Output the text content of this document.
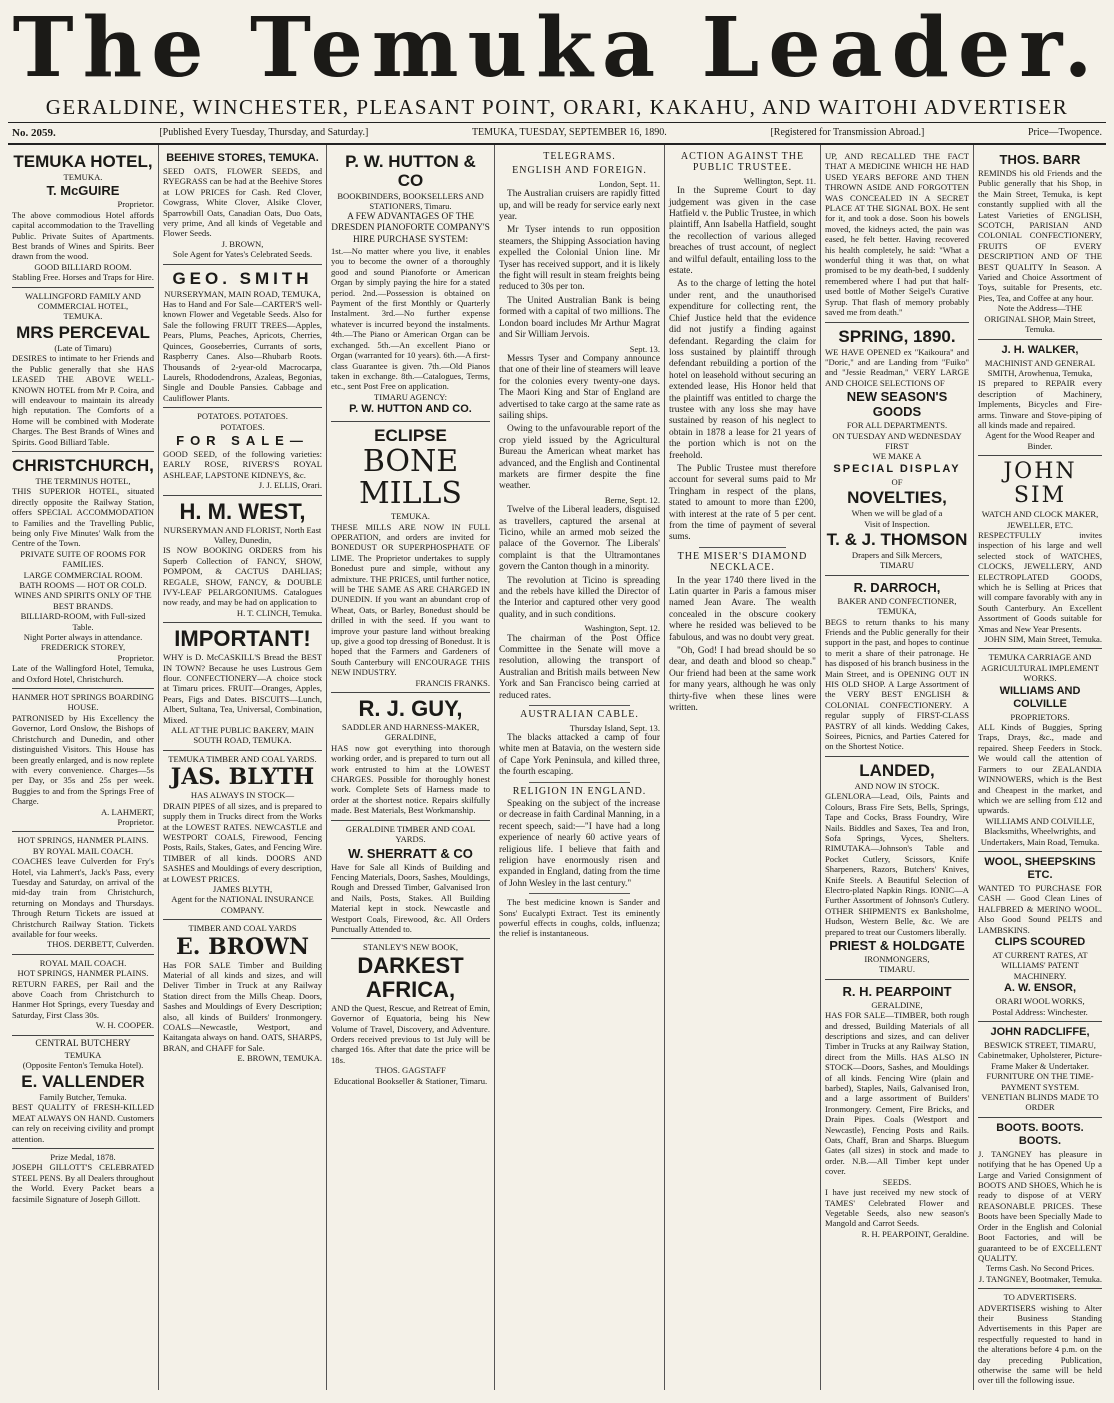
The Temuka Leader.
GERALDINE, WINCHESTER, PLEASANT POINT, ORARI, KAKAHU, AND WAITOHI ADVERTISER
No. 2059.	[Published Every Tuesday, Thursday, and Saturday.]	TEMUKA, TUESDAY, SEPTEMBER 16, 1890.	[Registered for Transmission Abroad.]	Price—Twopence.
TEMUKA HOTEL,
TEMUKA.
T. McGUIRE
Proprietor.
The above commodious Hotel affords capital accommodation to the Travelling Public. Private Suites of Apartments. Best brands of Wines and Spirits. Beer drawn from the wood.
GOOD BILLIARD ROOM.
Stabling Free. Horses and Traps for Hire.
WALLINGFORD FAMILY AND COMMERCIAL HOTEL,
TEMUKA.
MRS PERCEVAL
(Late of Timaru)
DESIRES to intimate to her Friends and the Public generally that she HAS LEASED THE ABOVE WELL-KNOWN HOTEL from Mr P. Coira, and will endeavour to maintain its already high reputation. The Comforts of a Home will be combined with Moderate Charges. The Best Brands of Wines and Spirits. Good Billiard Table.
CHRISTCHURCH,
THE TERMINUS HOTEL,
THIS SUPERIOR HOTEL, situated directly opposite the Railway Station, offers SPECIAL ACCOMMODATION to Families and the Travelling Public, being only Five Minutes' Walk from the Centre of the Town.
PRIVATE SUITE OF ROOMS FOR FAMILIES.
LARGE COMMERCIAL ROOM.
BATH ROOMS — HOT OR COLD.
WINES AND SPIRITS ONLY OF THE BEST BRANDS.
BILLIARD-ROOM, with Full-sized Table.
Night Porter always in attendance.
FREDERICK STOREY,
Proprietor.
Late of the Wallingford Hotel, Temuka, and Oxford Hotel, Christchurch.
HANMER HOT SPRINGS BOARDING HOUSE.
PATRONISED by His Excellency the Governor, Lord Onslow, the Bishops of Christchurch and Dunedin, and other distinguished Visitors. This House has been greatly enlarged, and is now replete with every convenience. Charges—5s per Day, or 35s and 25s per week. Buggies to and from the Springs Free of Charge.
A. LAHMERT,
Proprietor.
HOT SPRINGS, HANMER PLAINS. BY ROYAL MAIL COACH.
COACHES leave Culverden for Fry's Hotel, via Lahmert's, Jack's Pass, every Tuesday and Saturday, on arrival of the mid-day train from Christchurch, returning on Mondays and Thursdays. Through Return Tickets are issued at Christchurch Railway Station. Tickets available for four weeks.
THOS. DERBETT, Culverden.
ROYAL MAIL COACH.
HOT SPRINGS, HANMER PLAINS.
RETURN FARES, per Rail and the above Coach from Christchurch to Hanmer Hot Springs, every Tuesday and Saturday, First Class 30s.
W. H. COOPER.
CENTRAL BUTCHERY
TEMUKA
(Opposite Fenton's Temuka Hotel).
E. VALLENDER
Family Butcher, Temuka.
BEST QUALITY of FRESH-KILLED MEAT ALWAYS ON HAND. Customers can rely on receiving civility and prompt attention.
Prize Medal, 1878.
JOSEPH GILLOTT'S CELEBRATED STEEL PENS. By all Dealers throughout the World. Every Packet bears a facsimile Signature of Joseph Gillott.
BEEHIVE STORES, TEMUKA.
SEED OATS, FLOWER SEEDS, and RYEGRASS can be had at the Beehive Stores at LOW PRICES for Cash. Red Clover, Cowgrass, White Clover, Alsike Clover, Sparrowbill Oats, Canadian Oats, Duo Oats, very prime, And all kinds of Vegetable and Flower Seeds.
J. BROWN,
Sole Agent for Yates's Celebrated Seeds.
GEO. SMITH
NURSERYMAN, MAIN ROAD, TEMUKA,
Has to Hand and For Sale—CARTER'S well-known Flower and Vegetable Seeds. Also for Sale the following FRUIT TREES—Apples, Pears, Plums, Peaches, Apricots, Cherries, Quinces, Gooseberries, Currants of sorts, Raspberry Canes. Also—Rhubarb Roots. Thousands of 2-year-old Macrocarpa, Laurels, Rhododendrons, Azaleas, Begonias, Single and Double Pansies. Cabbage and Cauliflower Plants.
POTATOES. POTATOES.
POTATOES.
FOR SALE—
GOOD SEED, of the following varieties: EARLY ROSE, RIVERS'S ROYAL ASHLEAF, LAPSTONE KIDNEYS, &c.
J. J. ELLIS, Orari.
H. M. WEST,
NURSERYMAN AND FLORIST, North East Valley, Dunedin,
IS NOW BOOKING ORDERS from his Superb Collection of FANCY, SHOW, POMPOM, & CACTUS DAHLIAS; REGALE, SHOW, FANCY, & DOUBLE IVY-LEAF PELARGONIUMS. Catalogues now ready, and may be had on application to
H. T. CLINCH, Temuka.
IMPORTANT!
WHY is D. McCASKILL'S Bread the BEST IN TOWN? Because he uses Lustrous Gem flour. CONFECTIONERY—A choice stock at Timaru prices. FRUIT—Oranges, Apples, Pears, Figs and Dates. BISCUITS—Lunch, Albert, Sultana, Tea, Universal, Combination, Mixed.
ALL AT THE PUBLIC BAKERY, MAIN SOUTH ROAD, TEMUKA.
TEMUKA TIMBER AND COAL YARDS.
JAS. BLYTH
HAS ALWAYS IN STOCK—
DRAIN PIPES of all sizes, and is prepared to supply them in Trucks direct from the Works at the LOWEST RATES. NEWCASTLE and WESTPORT COALS, Firewood, Fencing Posts, Rails, Stakes, Gates, and Fencing Wire. TIMBER of all kinds. DOORS AND SASHES and Mouldings of every description, at LOWEST PRICES.
JAMES BLYTH,
Agent for the NATIONAL INSURANCE COMPANY.
TIMBER AND COAL YARDS
E. BROWN
Has FOR SALE Timber and Building Material of all kinds and sizes, and will Deliver Timber in Truck at any Railway Station direct from the Mills Cheap. Doors, Sashes and Mouldings of Every Description; also, all kinds of Builders' Ironmongery. COALS—Newcastle, Westport, and Kaitangata always on hand. OATS, SHARPS, BRAN, and CHAFF for Sale.
E. BROWN, TEMUKA.
P. W. HUTTON & CO
BOOKBINDERS, BOOKSELLERS AND STATIONERS, Timaru.
A FEW ADVANTAGES OF THE DRESDEN PIANOFORTE COMPANY'S HIRE PURCHASE SYSTEM:
1st.—No matter where you live, it enables you to become the owner of a thoroughly good and sound Pianoforte or American Organ by simply paying the hire for a stated period. 2nd.—Possession is obtained on Payment of the first Monthly or Quarterly Instalment. 3rd.—No further expense whatever is incurred beyond the instalments. 4th.—The Piano or American Organ can be exchanged. 5th.—An excellent Piano or Organ (warranted for 10 years). 6th.—A first-class Guarantee is given. 7th.—Old Pianos taken in exchange. 8th.—Catalogues, Terms, etc., sent Post Free on application.
TIMARU AGENCY:
P. W. HUTTON AND CO.
ECLIPSE
BONE MILLS
TEMUKA.
THESE MILLS ARE NOW IN FULL OPERATION, and orders are invited for BONEDUST OR SUPERPHOSPHATE OF LIME. The Proprietor undertakes to supply Bonedust pure and simple, without any admixture. THE PRICES, until further notice, will be THE SAME AS ARE CHARGED IN DUNEDIN. If you want an abundant crop of Wheat, Oats, or Barley, Bonedust should be drilled in with the seed. If you want to improve your pasture land without breaking up, give a good top dressing of Bonedust. It is hoped that the Farmers and Gardeners of South Canterbury will ENCOURAGE THIS NEW INDUSTRY.
FRANCIS FRANKS.
R. J. GUY,
SADDLER AND HARNESS-MAKER, GERALDINE,
HAS now got everything into thorough working order, and is prepared to turn out all work entrusted to him at the LOWEST CHARGES. Possible for thoroughly honest work. Complete Sets of Harness made to order at the shortest notice. Repairs skilfully made. Best Materials, Best Workmanship.
GERALDINE TIMBER AND COAL YARDS.
W. SHERRATT & CO
Have for Sale all Kinds of Building and Fencing Materials, Doors, Sashes, Mouldings, Rough and Dressed Timber, Galvanised Iron and Nails, Posts, Stakes. All Building Material kept in stock. Newcastle and Westport Coals, Firewood, &c. All Orders Punctually Attended to.
STANLEY'S NEW BOOK,
DARKEST AFRICA,
AND the Quest, Rescue, and Retreat of Emin, Governor of Equatoria, being his New Volume of Travel, Discovery, and Adventure. Orders received previous to 1st July will be charged 16s. After that date the price will be 18s.
THOS. GAGSTAFF
Educational Bookseller & Stationer, Timaru.
TELEGRAMS.
ENGLISH AND FOREIGN.
London, Sept. 11.

The Australian cruisers are rapidly fitted up, and will be ready for service early next year.

Mr Tyser intends to run opposition steamers, the Shipping Association having expelled the Colonial Union line. Mr Tyser has received support, and it is likely the fight will result in steam freights being reduced to 30s per ton.

The United Australian Bank is being formed with a capital of two millions. The London board includes Mr Arthur Magrat and Sir William Jervois.

Sept. 13.

Messrs Tyser and Company announce that one of their line of steamers will leave for the colonies every twenty-one days. The Maori King and Star of England are advertised to take cargo at the same rate as sailing ships.

Owing to the unfavourable report of the crop yield issued by the Agricultural Bureau the American wheat market has advanced, and the English and Continental markets are firmer despite the fine weather.

Berne, Sept. 12.

Twelve of the Liberal leaders, disguised as travellers, captured the arsenal at Ticino, while an armed mob seized the palace of the Governor. The Liberals' complaint is that the Ultramontanes govern the Canton though in a minority.

The revolution at Ticino is spreading and the rebels have killed the Director of the Interior and captured other very good quality, and in such conditions.

Washington, Sept. 12.

The chairman of the Post Office Committee in the Senate will move a resolution, allowing the transport of Australian and British mails between New York and San Francisco being carried at reduced rates.

AUSTRALIAN CABLE.
Thursday Island, Sept. 13.

The blacks attacked a camp of four white men at Batavia, on the western side of Cape York Peninsula, and killed three, the fourth escaping.

RELIGION IN ENGLAND.

Speaking on the subject of the increase or decrease in faith Cardinal Manning, in a recent speech, said:—"I have had a long experience of nearly 60 active years of religious life. I believe that faith and religion have enormously risen and expanded in England, dating from the time of John Wesley in the last century."

The best medicine known is Sander and Sons' Eucalypti Extract. Test its eminently powerful effects in coughs, colds, influenza; the relief is instantaneous.

ACTION AGAINST THE PUBLIC TRUSTEE.
Wellington, Sept. 11.

In the Supreme Court to day judgement was given in the case Hatfield v. the Public Trustee, in which plaintiff, Ann Isabella Hatfield, sought the recollection of various alleged breaches of trust account, of neglect and wilful default, entailing loss to the estate.

As to the charge of letting the hotel under rent, and the unauthorised expenditure for collecting rent, the Chief Justice held that the evidence did not justify a finding against defendant. Regarding the claim for loss sustained by plaintiff through defendant rebuilding a portion of the hotel on leasehold without securing an extended lease, His Honor held that the plaintiff was entitled to charge the trustee with any loss she may have sustained by reason of his neglect to obtain in 1878 a lease for 21 years of the portion which is not on the freehold.

The Public Trustee must therefore account for several sums paid to Mr Tringham in respect of the plans, stated to amount to more than £200, with interest at the rate of 5 per cent. from the time of payment of several sums.

THE MISER'S DIAMOND NECKLACE.

In the year 1740 there lived in the Latin quarter in Paris a famous miser named Jean Avare. The wealth concealed in the obscure cookery where he resided was believed to be fabulous, and was no doubt very great.

"Oh, God! I had bread should be so dear, and death and blood so cheap." Our friend had been at the same work for many years, although he was only thirty-five when these lines were written.

UP, AND RECALLED THE FACT THAT A MEDICINE WHICH HE HAD USED YEARS BEFORE AND THEN THROWN ASIDE AND FORGOTTEN WAS CONCEALED IN A SECRET PLACE AT THE SIGNAL BOX. He sent for it, and took a dose. Soon his bowels moved, the kidneys acted, the pain was eased, he felt better. Having recovered his health completely, he said: "What a wonderful thing it was that, on what promised to be my death-bed, I suddenly remembered where I had put that half-used bottle of Mother Seigel's Curative Syrup. That flash of memory probably saved me from death."
SPRING, 1890.
WE HAVE OPENED ex "Kaikoura" and "Doric," and are Landing from "Fuiko" and "Jessie Readman," VERY LARGE AND CHOICE SELECTIONS OF
NEW SEASON'S GOODS
FOR ALL DEPARTMENTS.
ON TUESDAY AND WEDNESDAY FIRST
WE MAKE A
SPECIAL DISPLAY
OF
NOVELTIES,
When we will be glad of a
Visit of Inspection.
T. & J. THOMSON
Drapers and Silk Mercers,
TIMARU
R. DARROCH,
BAKER AND CONFECTIONER, TEMUKA,
BEGS to return thanks to his many Friends and the Public generally for their support in the past, and hopes to continue to merit a share of their patronage. He has disposed of his branch business in the Main Street, and is OPENING OUT IN HIS OLD SHOP. A Large Assortment of the VERY BEST ENGLISH & COLONIAL CONFECTIONERY. A regular supply of FIRST-CLASS PASTRY of all kinds. Wedding Cakes, Soirees, Picnics, and Parties Catered for on the Shortest Notice.
LANDED,
AND NOW IN STOCK.
GLENLORA—Lead, Oils, Paints and Colours, Brass Fire Sets, Bells, Springs, Tape and Cocks, Brass Foundry, Wire Nails. Biddles and Saxes, Tea and Iron, Sofa Springs, Vyces, Shelters. RIMUTAKA—Johnson's Table and Pocket Cutlery, Scissors, Knife Sharpeners, Razors, Butchers' Knives, Knife Steels. A Beautiful Selection of Electro-plated Napkin Rings. IONIC—A Further Assortment of Johnson's Cutlery. OTHER SHIPMENTS ex Banksholme, Hudson, Western Belle, &c. We are prepared to treat our Customers liberally.
PRIEST & HOLDGATE
IRONMONGERS,
TIMARU.
R. H. PEARPOINT
GERALDINE,
HAS FOR SALE—TIMBER, both rough and dressed, Building Materials of all descriptions and sizes, and can deliver Timber in Trucks at any Railway Station, direct from the Mills. HAS ALSO IN STOCK—Doors, Sashes, and Mouldings of all kinds. Fencing Wire (plain and barbed), Staples, Nails, Galvanised Iron, and a large assortment of Builders' Ironmongery. Cement, Fire Bricks, and Drain Pipes. Coals (Westport and Newcastle), Fencing Posts and Rails. Oats, Chaff, Bran and Sharps. Bluegum Gates (all sizes) in stock and made to order. N.B.—All Timber kept under cover.
SEEDS.
I have just received my new stock of TAMES' Celebrated Flower and Vegetable Seeds, also new season's Mangold and Carrot Seeds.
R. H. PEARPOINT, Geraldine.
THOS. BARR
REMINDS his old Friends and the Public generally that his Shop, in the Main Street, Temuka, is kept constantly supplied with all the Latest Varieties of ENGLISH, SCOTCH, PARISIAN AND COLONIAL CONFECTIONERY, FRUITS OF EVERY DESCRIPTION AND OF THE BEST QUALITY In Season. A Varied and Choice Assortment of Toys, suitable for Presents, etc. Pies, Tea, and Coffee at any hour.
Note the Address—THE ORIGINAL SHOP, Main Street, Temuka.
J. H. WALKER,
MACHINIST AND GENERAL SMITH, Arowhenua, Temuka,
IS prepared to REPAIR every description of Machinery, Implements, Bicycles and Fire-arms. Tinware and Stove-piping of all kinds made and repaired.
Agent for the Wood Reaper and Binder.
JOHN SIM
WATCH AND CLOCK MAKER, JEWELLER, ETC.
RESPECTFULLY invites inspection of his large and well selected stock of WATCHES, CLOCKS, JEWELLERY, AND ELECTROPLATED GOODS, which he is Selling at Prices that will compare favorably with any in South Canterbury. An Excellent Assortment of Goods suitable for Xmas and New Year Presents.
JOHN SIM, Main Street, Temuka.
TEMUKA CARRIAGE AND AGRICULTURAL IMPLEMENT WORKS.
WILLIAMS AND COLVILLE
PROPRIETORS.
ALL Kinds of Buggies, Spring Traps, Drays, &c., made and repaired. Sheep Feeders in Stock. We would call the attention of Farmers to our ZEALANDIA WINNOWERS, which is the Best and Cheapest in the market, and which we are selling from £12 and upwards.
WILLIAMS AND COLVILLE, Blacksmiths, Wheelwrights, and Undertakers, Main Road, Temuka.
WOOL, SHEEPSKINS ETC.
WANTED TO PURCHASE FOR CASH — Good Clean Lines of HALFBRED & MERINO WOOL. Also Good Sound PELTS and LAMBSKINS.
CLIPS SCOURED
AT CURRENT RATES, AT WILLIAMS' PATENT MACHINERY.
A. W. ENSOR,
ORARI WOOL WORKS,
Postal Address: Winchester.
JOHN RADCLIFFE,
BESWICK STREET, TIMARU,
Cabinetmaker, Upholsterer, Picture-Frame Maker & Undertaker.
FURNITURE ON THE TIME-PAYMENT SYSTEM.
VENETIAN BLINDS MADE TO ORDER
BOOTS. BOOTS. BOOTS.
J. TANGNEY has pleasure in notifying that he has Opened Up a Large and Varied Consignment of BOOTS AND SHOES, Which he is ready to dispose of at VERY REASONABLE PRICES. These Boots have been Specially Made to Order in the English and Colonial Boot Factories, and will be guaranteed to be of EXCELLENT QUALITY.
Terms Cash. No Second Prices.
J. TANGNEY, Bootmaker, Temuka.
TO ADVERTISERS.
ADVERTISERS wishing to Alter their Business Standing Advertisements in this Paper are respectfully requested to hand in the alterations before 4 p.m. on the day preceding Publication, otherwise the same will be held over till the following issue.
